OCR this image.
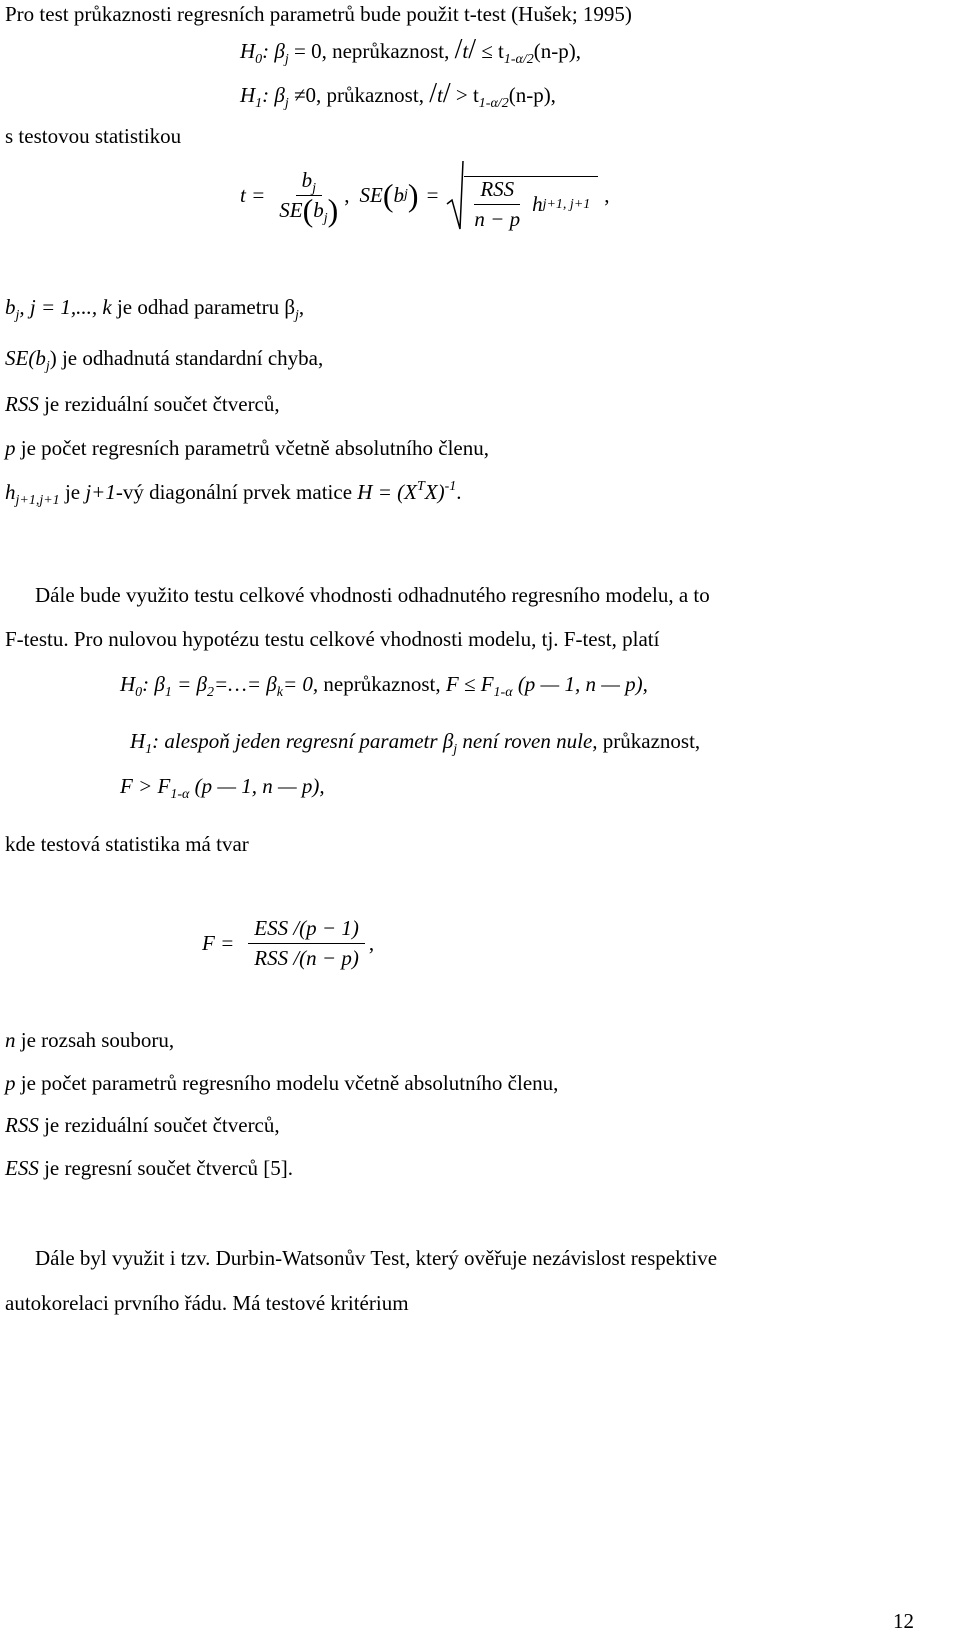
Pro test průkaznosti regresních parametrů bude použit t-test (Hušek; 1995)
$H_0$: $\beta_j = 0$, neprůkaznost, $/t/ \le t_{1-\alpha/2}(n-p)$,
$H_1$: $\beta_j \ne 0$, průkaznost, $/t/ > t_{1-\alpha/2}(n-p)$,
s testovou statistikou
$t = \frac{b_j}{SE(b_j)}$ , SE ( b j ) = $\frac{\text{RSS}}{n - p}$ h j+1, j+1 ,
$b_j$, j = 1,..., k je odhad parametru $\beta_j$,
$SE(b_j)$ je odhadnutá standardní chyba,
RSS je reziduální součet čtverců,
p je počet regresních parametrů včetně absolutního členu,
$h_{j+1,j+1}$ je j+1-vý diagonální prvek matice $H = (X^TX)^{-1}$.
Dále bude využito testu celkové vhodnosti odhadnutého regresního modelu, a to
F-testu. Pro nulovou hypotézu testu celkové vhodnosti modelu, tj. F-test, platí
$H_0$: $\beta_1$ = $\beta_2=\dots= \beta_k= 0$, neprůkaznost, $F \le F_{1-\alpha}$ (p — 1, n — p),
$H_1$: alespoň jeden regresní parametr $\beta_j$ není roven nule, průkaznost,
$F > F_{1-\alpha}$ (p — 1, n — p),
kde testová statistika má tvar
$F = \frac{\text{ESS /(p − 1)}}{\text{RSS /(n − p)}}$ ,
n je rozsah souboru,
p je počet parametrů regresního modelu včetně absolutního členu,
RSS je reziduální součet čtverců,
ESS je regresní součet čtverců [5].
Dále byl využit i tzv. Durbin-Watsonův Test, který ověřuje nezávislost respektive
autokorelaci prvního řádu. Má testové kritérium
12
